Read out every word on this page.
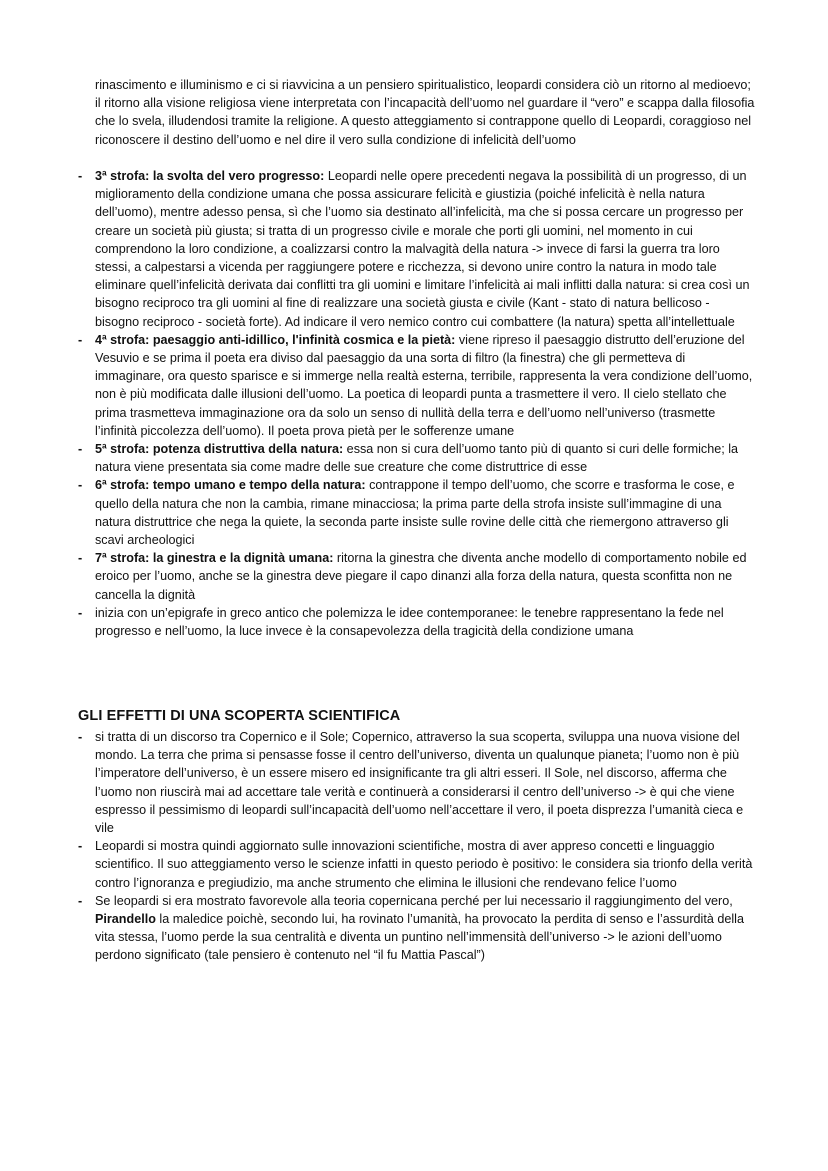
rinascimento e illuminismo e ci si riavvicina a un pensiero spiritualistico, leopardi considera ciò un ritorno al medioevo; il ritorno alla visione religiosa viene interpretata con l’incapacità dell’uomo nel guardare il “vero” e scappa dalla filosofia che lo svela, illudendosi tramite la religione. A questo atteggiamento si contrappone quello di Leopardi, coraggioso nel riconoscere il destino dell’uomo e nel dire il vero sulla condizione di infelicità dell’uomo

- 3ª strofa: la svolta del vero progresso: Leopardi nelle opere precedenti negava la possibilità di un progresso, di un miglioramento della condizione umana che possa assicurare felicità e giustizia (poiché infelicità è nella natura dell’uomo), mentre adesso pensa, sì che l’uomo sia destinato all’infelicità, ma che si possa cercare un progresso per creare un società più giusta; si tratta di un progresso civile e morale che porti gli uomini, nel momento in cui comprendono la loro condizione, a coalizzarsi contro la malvagità della natura -> invece di farsi la guerra tra loro stessi, a calpestarsi a vicenda per raggiungere potere e ricchezza, si devono unire contro la natura in modo tale eliminare quell’infelicità derivata dai conflitti tra gli uomini e limitare l’infelicità ai mali inflitti dalla natura: si crea così un bisogno reciproco tra gli uomini al fine di realizzare una società giusta e civile (Kant - stato di natura bellicoso - bisogno reciproco - società forte). Ad indicare il vero nemico contro cui combattere (la natura) spetta all’intellettuale
- 4ª strofa: paesaggio anti-idillico, l'infinità cosmica e la pietà: viene ripreso il paesaggio distrutto dell’eruzione del Vesuvio e se prima il poeta era diviso dal paesaggio da una sorta di filtro (la finestra) che gli permetteva di immaginare, ora questo sparisce e si immerge nella realtà esterna, terribile, rappresenta la vera condizione dell’uomo, non è più modificata dalle illusioni dell’uomo. La poetica di leopardi punta a trasmettere il vero. Il cielo stellato che prima trasmetteva immaginazione ora da solo un senso di nullità della terra e dell’uomo nell’universo (trasmette l’infinità piccolezza dell’uomo). Il poeta prova pietà per le sofferenze umane
- 5ª strofa: potenza distruttiva della natura: essa non si cura dell’uomo tanto più di quanto si curi delle formiche; la natura viene presentata sia come madre delle sue creature che come distruttrice di esse
- 6ª strofa: tempo umano e tempo della natura: contrappone il tempo dell’uomo, che scorre e trasforma le cose, e quello della natura che non la cambia, rimane minacciosa; la prima parte della strofa insiste sull’immagine di una natura distruttrice che nega la quiete, la seconda parte insiste sulle rovine delle città che riemergono attraverso gli scavi archeologici
- 7ª strofa: la ginestra e la dignità umana: ritorna la ginestra che diventa anche modello di comportamento nobile ed eroico per l’uomo, anche se la ginestra deve piegare il capo dinanzi alla forza della natura, questa sconfitta non ne cancella la dignità
- inizia con un’epigrafe in greco antico che polemizza le idee contemporanee: le tenebre rappresentano la fede nel progresso e nell’uomo, la luce invece è la consapevolezza della tragicità della condizione umana
GLI EFFETTI DI UNA SCOPERTA SCIENTIFICA
- si tratta di un discorso tra Copernico e il Sole; Copernico, attraverso la sua scoperta, sviluppa una nuova visione del mondo. La terra che prima si pensasse fosse il centro dell’universo, diventa un qualunque pianeta; l’uomo non è più l’imperatore dell’universo, è un essere misero ed insignificante tra gli altri esseri. Il Sole, nel discorso, afferma che l’uomo non riuscirà mai ad accettare tale verità e continuerà a considerarsi il centro dell’universo -> è qui che viene espresso il pessimismo di leopardi sull’incapacità dell’uomo nell’accettare il vero, il poeta disprezza l’umanità cieca e vile
- Leopardi si mostra quindi aggiornato sulle innovazioni scientifiche, mostra di aver appreso concetti e linguaggio scientifico. Il suo atteggiamento verso le scienze infatti in questo periodo è positivo: le considera sia trionfo della verità contro l’ignoranza e pregiudizio, ma anche strumento che elimina le illusioni che rendevano felice l’uomo
- Se leopardi si era mostrato favorevole alla teoria copernicana perché per lui necessario il raggiungimento del vero, Pirandello la maledice poichè, secondo lui, ha rovinato l’umanità, ha provocato la perdita di senso e l’assurdità della vita stessa, l’uomo perde la sua centralità e diventa un puntino nell’immensità dell’universo -> le azioni dell’uomo perdono significato (tale pensiero è contenuto nel “il fu Mattia Pascal”)
